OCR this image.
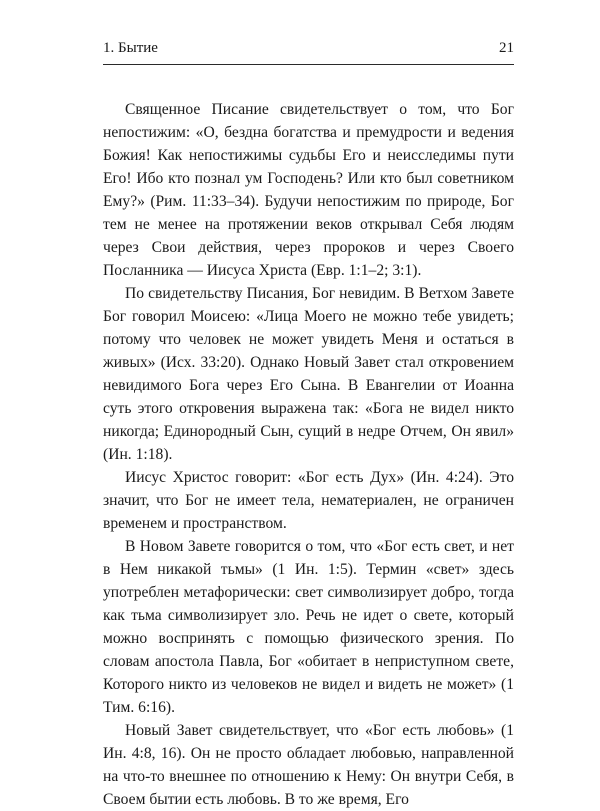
1. Бытие	21

Священное Писание свидетельствует о том, что Бог непостижим: «О, бездна богатства и премудрости и ведения Божия! Как непостижимы судьбы Его и неисследимы пути Его! Ибо кто познал ум Господень? Или кто был советником Ему?» (Рим. 11:33–34). Будучи непостижим по природе, Бог тем не менее на протяжении веков открывал Себя людям через Свои действия, через пророков и через Своего Посланника — Иисуса Христа (Евр. 1:1–2; 3:1).

По свидетельству Писания, Бог невидим. В Ветхом Завете Бог говорил Моисею: «Лица Моего не можно тебе увидеть; потому что человек не может увидеть Меня и остаться в живых» (Исх. 33:20). Однако Новый Завет стал откровением невидимого Бога через Его Сына. В Евангелии от Иоанна суть этого откровения выражена так: «Бога не видел никто никогда; Единородный Сын, сущий в недре Отчем, Он явил» (Ин. 1:18).

Иисус Христос говорит: «Бог есть Дух» (Ин. 4:24). Это значит, что Бог не имеет тела, нематериален, не ограничен временем и пространством.

В Новом Завете говорится о том, что «Бог есть свет, и нет в Нем никакой тьмы» (1 Ин. 1:5). Термин «свет» здесь употреблен метафорически: свет символизирует добро, тогда как тьма символизирует зло. Речь не идет о свете, который можно воспринять с помощью физического зрения. По словам апостола Павла, Бог «обитает в неприступном свете, Которого никто из человеков не видел и видеть не может» (1 Тим. 6:16).

Новый Завет свидетельствует, что «Бог есть любовь» (1 Ин. 4:8, 16). Он не просто обладает любовью, направленной на что-то внешнее по отношению к Нему: Он внутри Себя, в Своем бытии есть любовь. В то же время, Его
